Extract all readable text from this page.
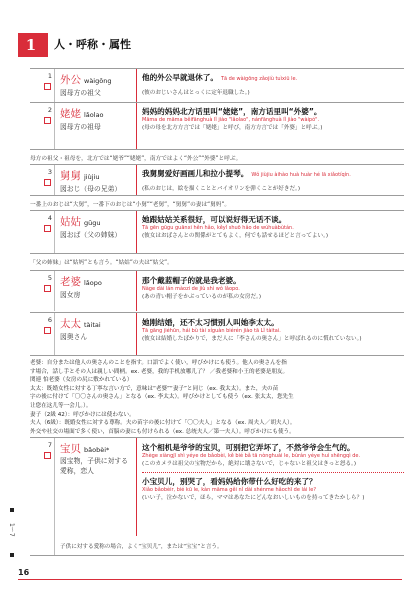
1	人・呼称・属性
1 外公 wàigōng
図母方の祖父
他的外公早就退休了。 Tā de wàigōng zǎojiù tuìxiū le.
(彼のおじいさんはとっくに定年退職した。)
2 姥姥 lǎolao
図母方の祖母
妈妈的妈妈北方话里叫“姥姥”，南方话里叫“外婆”。
Māma de māma běifānghuà lǐ jiào "lǎolao", nánfānghuà lǐ jiào "wàipó".
(母の母を北方方言では「姥姥」と呼び，南方方言では「外婆」と呼ぶ。)
母方の祖父・祖母を，北方では“姥爷”“姥姥”，南方ではよく“外公”“外婆”と呼ぶ。
3 舅舅 jiùjiu
図おじ（母の兄弟）
我舅舅爱好画画儿和拉小提琴。 Wǒ jiùjiu àihào huà huàr hé lā xiǎotíqín.
(私のおじは，絵を描くこととバイオリンを弾くことが好きだ。)
一番上のおじは“大舅”，一番下のおじは“小舅”“老舅”，“舅舅”の妻は“舅妈”。
4 姑姑 gūgu
図おば（父の姉妹）
她跟姑姑关系很好，可以说好得无话不谈。
Tā gēn gūgu guānxi hěn hǎo, kěyǐ shuō hǎo de wúhuàbùtán.
(彼女はおばさんとの関係がとてもよく，何でも話せるほどと言ってよい。)
「父の姉妹」は“姑妈”とも言う。“姑姑”の夫は“姑父”。
5 老婆 lǎopo
図女房
那个戴蓝帽子的就是我老婆。
Nàge dài lán màozi de jiù shì wǒ lǎopo.
(あの青い帽子をかぶっているのが私の女房だ。)
6 太太 tàitai
図奥さん
她刚结婚，还不太习惯别人叫她李太太。
Tā gāng jiéhūn, hái bù tài xíguàn biérén jiào tā Lǐ tàitai.
(彼女は結婚したばかりで，まだ人に「李さんの奥さん」と呼ばれるのに慣れていない。)
老婆：自分または他人の奥さんのことを指す。口語でよく使い，呼びかけにも使う。他人の奥さんを指
す場合，話し手とその人は親しい間柄。ex. 老婆，我的手机放哪儿了？ ／我老婆和小王的老婆是朋友。
関連 怕老婆（女房の尻に敷かれている）
太太：既婚女性に対する丁寧な言い方で，意味は“老婆”“妻子”と同じ（ex. 我太太）。また，夫の苗
字の後に付けて「〇〇さんの奥さん」となる（ex. 李太太）。呼びかけとしても使う（ex. 张太太，您先生
让您在这儿等一会儿。）。
妻子（2級 42）：呼びかけには使わない。
夫人（6級）：既婚女性に対する尊称。夫の苗字の後に付けて「〇〇夫人」となる（ex. 周夫人／胡夫人）。
外交や社交の場面で多く使い，首脳の妻にも付けられる（ex. 总统夫人／第一夫人）。呼びかけにも使う。
7 宝贝 bǎobèi*
図宝物，子供に対する愛称，恋人
这个相机是爷爷的宝贝，可别把它弄坏了，不然爷爷会生气的。
Zhège xiàngjī shì yéye de bǎobèi, kě bié bǎ tā nònghuài le, bùrán yéye huì shēngqì de.
(このカメラは祖父の宝物だから，絶対に壊さないで，じゃないと祖父はきっと怒る。)
小宝贝儿，别哭了，看妈妈给你带什么好吃的来了？
Xiǎo bǎobèir, bié kū le, kàn māma gěi nǐ dài shénme hǎochī de lái le?
(いい子，泣かないで，ほら，ママはあなたにどんなおいしいものを持ってきたかしら？)
子供に対する愛称の場合，よく“宝贝儿”，または“宝宝”と言う。
1〜7
16
